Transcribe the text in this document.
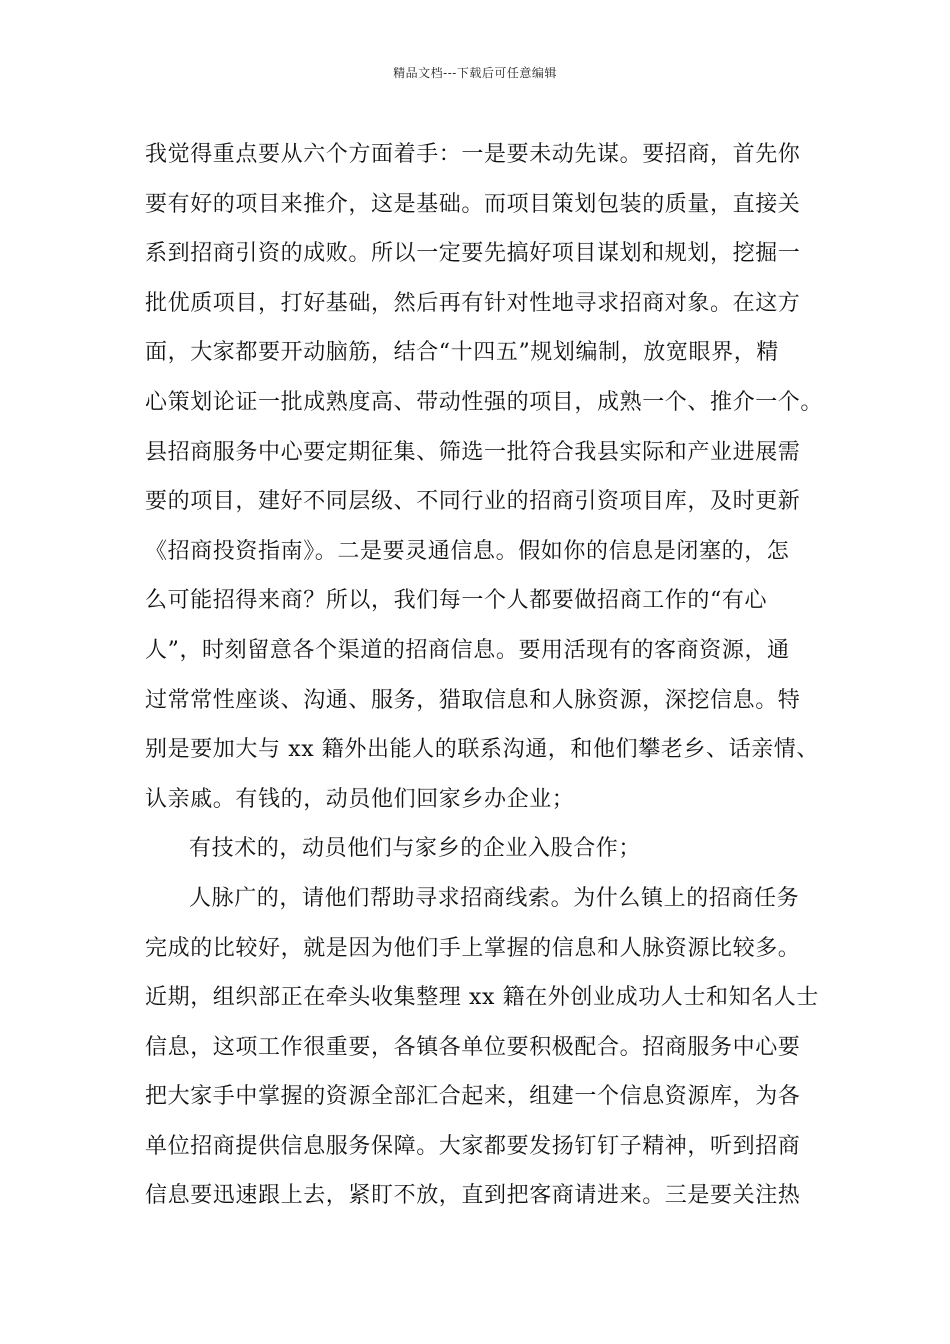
精品文档---下载后可任意编辑
我觉得重点要从六个方面着手：一是要未动先谋。要招商，首先你
要有好的项目来推介，这是基础。而项目策划包装的质量，直接关
系到招商引资的成败。所以一定要先搞好项目谋划和规划，挖掘一
批优质项目，打好基础，然后再有针对性地寻求招商对象。在这方
面，大家都要开动脑筋，结合“十四五”规划编制，放宽眼界，精
心策划论证一批成熟度高、带动性强的项目，成熟一个、推介一个。
县招商服务中心要定期征集、筛选一批符合我县实际和产业进展需
要的项目，建好不同层级、不同行业的招商引资项目库，及时更新
《招商投资指南》。二是要灵通信息。假如你的信息是闭塞的，怎
么可能招得来商？所以，我们每一个人都要做招商工作的“有心
人”，时刻留意各个渠道的招商信息。要用活现有的客商资源，通
过常常性座谈、沟通、服务，猎取信息和人脉资源，深挖信息。特
别是要加大与 xx 籍外出能人的联系沟通，和他们攀老乡、话亲情、
认亲戚。有钱的，动员他们回家乡办企业；
有技术的，动员他们与家乡的企业入股合作；
人脉广的，请他们帮助寻求招商线索。为什么镇上的招商任务
完成的比较好，就是因为他们手上掌握的信息和人脉资源比较多。
近期，组织部正在牵头收集整理 xx 籍在外创业成功人士和知名人士
信息，这项工作很重要，各镇各单位要积极配合。招商服务中心要
把大家手中掌握的资源全部汇合起来，组建一个信息资源库，为各
单位招商提供信息服务保障。大家都要发扬钉钉子精神，听到招商
信息要迅速跟上去，紧盯不放，直到把客商请进来。三是要关注热
